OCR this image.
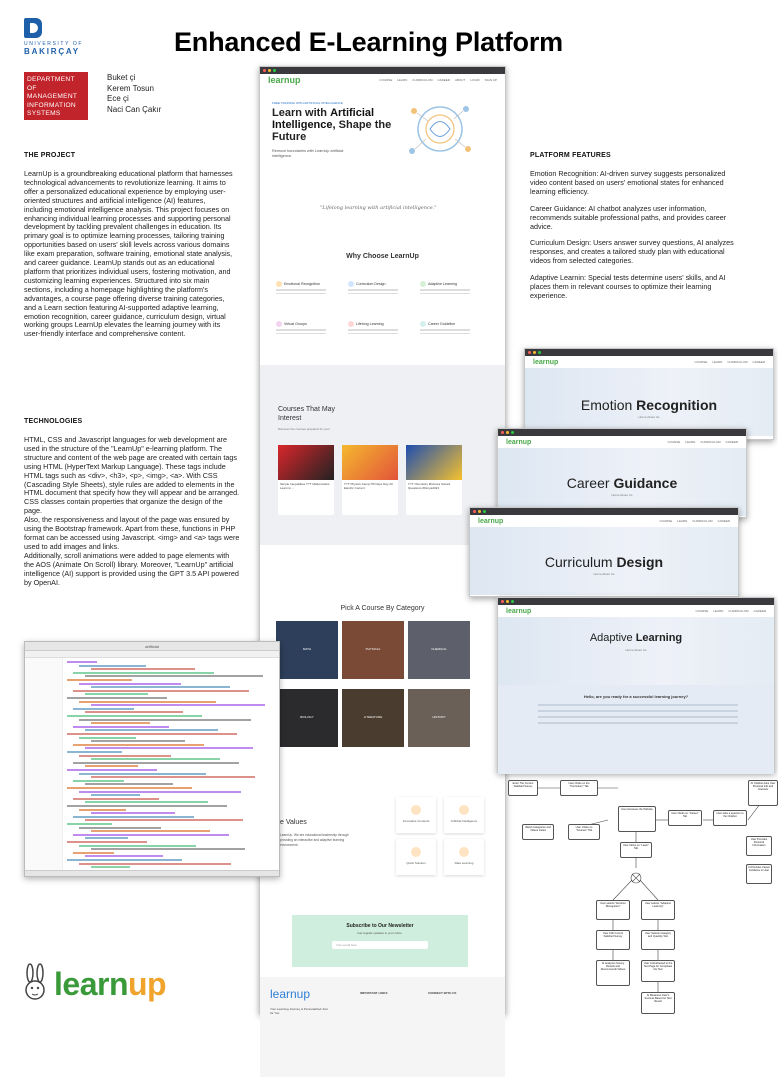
UNIVERSITY OF
BAKIRÇAY	Enhanced E-Learning Platform
DEPARTMENT OF
MANAGEMENT
INFORMATION
SYSTEMS
Buket çi
Kerem Tosun
Ece çi
Naci Can Çakır
THE PROJECT

LearnUp is a groundbreaking educational platform that harnesses technological advancements to revolutionize learning. It aims to offer a personalized educational experience by employing user-oriented structures and artificial intelligence (AI) features, including emotional intelligence analysis. This project focuses on enhancing individual learning processes and supporting personal development by tackling prevalent challenges in education. Its primary goal is to optimize learning processes, tailoring training opportunities based on users' skill levels across various domains like exam preparation, software training, emotional state analysis, and career guidance. LearnUp stands out as an educational platform that prioritizes individual users, fostering motivation, and customizing learning experiences. Structured into six main sections, including a homepage highlighting the platform's advantages, a course page offering diverse training categories, and a Learn section featuring AI-supported adaptive learning, emotion recognition, career guidance, curriculum design, virtual working groups LearnUp elevates the learning journey with its user-friendly interface and comprehensive content.

TECHNOLOGIES

HTML, CSS and Javascript languages for web development are used in the structure of the "LearnUp" e-learning platform. The structure and content of the web page are created with certain tags using HTML (HyperText Markup Language). These tags include HTML tags such as <div>, <h3>, <p>, <img>, <a>. With CSS (Cascading Style Sheets), style rules are added to elements in the HTML document that specify how they will appear and be arranged. CSS classes contain properties that organize the design of the page.

Also, the responsiveness and layout of the page was ensured by using the Bootstrap framework. Apart from these, functions in PHP format can be accessed using Javascript. <img> and <a> tags were used to add images and links.

Additionally, scroll animations were added to page elements with the AOS (Animate On Scroll) library. Moreover, "LearnUp" artificial intelligence (AI) support is provided using the GPT 3.5 API powered by OpenAI.

PLATFORM FEATURES

Emotion Recognition: AI-driven survey suggests personalized video content based on users' emotional states for enhanced learning efficiency.

Career Guidance: AI chatbot analyzes user information, recommends suitable professional paths, and provides career advice.

Curriculum Design: Users answer survey questions, AI analyzes responses, and creates a tailored study plan with educational videos from selected categories.

Adaptive Learnin: Special tests determine users' skills, and AI places them in relevant courses to optimize their learning experience.

learnup	COURSE LEARN CURRICULUM CAREER ABOUT LOGIN SIGN UP
FREE TRAINING WITH ARTIFICIAL INTELLIGENCE
Learn with Artificial Intelligence, Shape the Future
Remove boundaries with LearnUp artificial intelligence.
"Lifelong learning with artificial intelligence."
Why Choose LearnUp
Emotional Recognition	Curriculum Design	Adaptive Learning
Virtual Groups	Lifelong Learning	Career Guideline
Courses That May Interest
Discover the courses prepared for you!
Simple Inequalities TYT Mathematics Learn to ...
TYT Physics Camp! 55 Days Day 20 Electric Current
TYT Chemistry Mixtures Solved Questions #Kimya2023
Pick A Course By Category
MATH	PHYSICAL	CHEMICAL
BIOLOGY	LITERATURE	HISTORY
e Values
LearnUp. We are educational leadership through providing an interactive and adaptive learning environment.
Innovative Contents	Artificial Intelligence
Quick Solution	Data Learning
Subscribe to Our Newsletter
Get regular updates in your inbox.
Your email here
learnup
Your Learning Journey is Personalized Just for You
IMPORTANT LINKS	CONNECT WITH US
learnup	COURSE LEARN CURRICULUM CAREER
Emotion Recognition
Home About Us
learnup	COURSE LEARN CURRICULUM CAREER
Career Guidance
Home About Us
learnup	COURSE LEARN CURRICULUM CAREER
Curriculum Design
Home About Us
learnup	COURSE LEARN CURRICULUM CAREER
Adaptive Learning
Home About Us
Hello, are you ready for a successful learning journey?
artificial
Enter The Current Satisfied Survey
User Clicks on the "Curriculum" Tab
User Accesses the Website
User Clicks on "Career" Tab
User asks a question to the Chatbot
AI Chatbot Asks User Personal Info and Interests
Watch Categories and Videos Listed
User Clicks on "Courses" Tab
User Clicks on "Learn" Tab
User Provides Personal Information
AI Provides Career Guidance to User
User selects "Emotion Recognition"
User selects "Adaptive Learning"
User Fills Current Satisfied Survey
User Selects Category and Quantity Test
AI Analyzes Survey Results and Recommends Videos
User is Redirected to the Test Page for Completes the Test
AI Measures User's Success Based on Test Result
learnup
